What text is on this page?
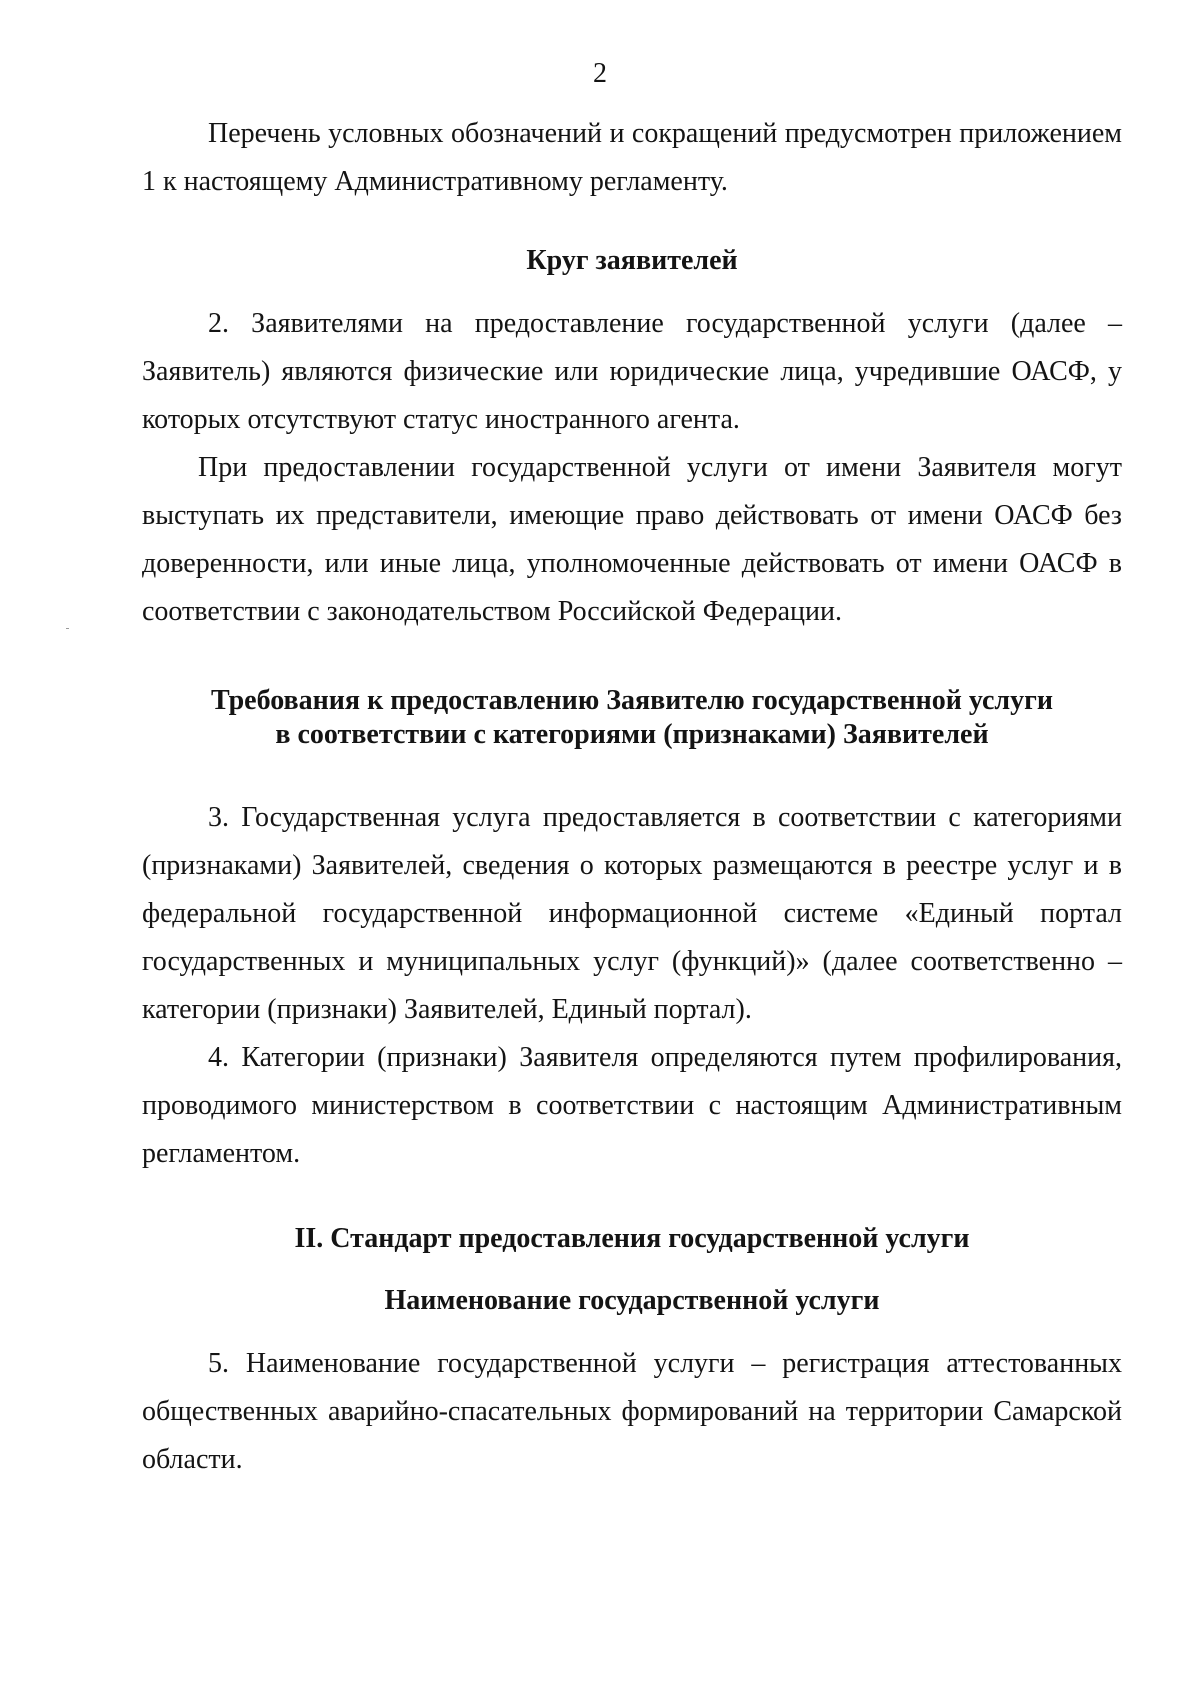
2

Перечень условных обозначений и сокращений предусмотрен приложением 1 к настоящему Административному регламенту.

Круг заявителей

2. Заявителями на предоставление государственной услуги (далее – Заявитель) являются физические или юридические лица, учредившие ОАСФ, у которых отсутствуют статус иностранного агента.

При предоставлении государственной услуги от имени Заявителя могут выступать их представители, имеющие право действовать от имени ОАСФ без доверенности, или иные лица, уполномоченные действовать от имени ОАСФ в соответствии с законодательством Российской Федерации.

Требования к предоставлению Заявителю государственной услуги

в соответствии с категориями (признаками) Заявителей

3. Государственная услуга предоставляется в соответствии с категориями (признаками) Заявителей, сведения о которых размещаются в реестре услуг и в федеральной государственной информационной системе «Единый портал государственных и муниципальных услуг (функций)» (далее соответственно – категории (признаки) Заявителей, Единый портал).

4. Категории (признаки) Заявителя определяются путем профилирования, проводимого министерством в соответствии с настоящим Административным регламентом.

II. Стандарт предоставления государственной услуги

Наименование государственной услуги

5. Наименование государственной услуги – регистрация аттестованных общественных аварийно-спасательных формирований на территории Самарской области.
